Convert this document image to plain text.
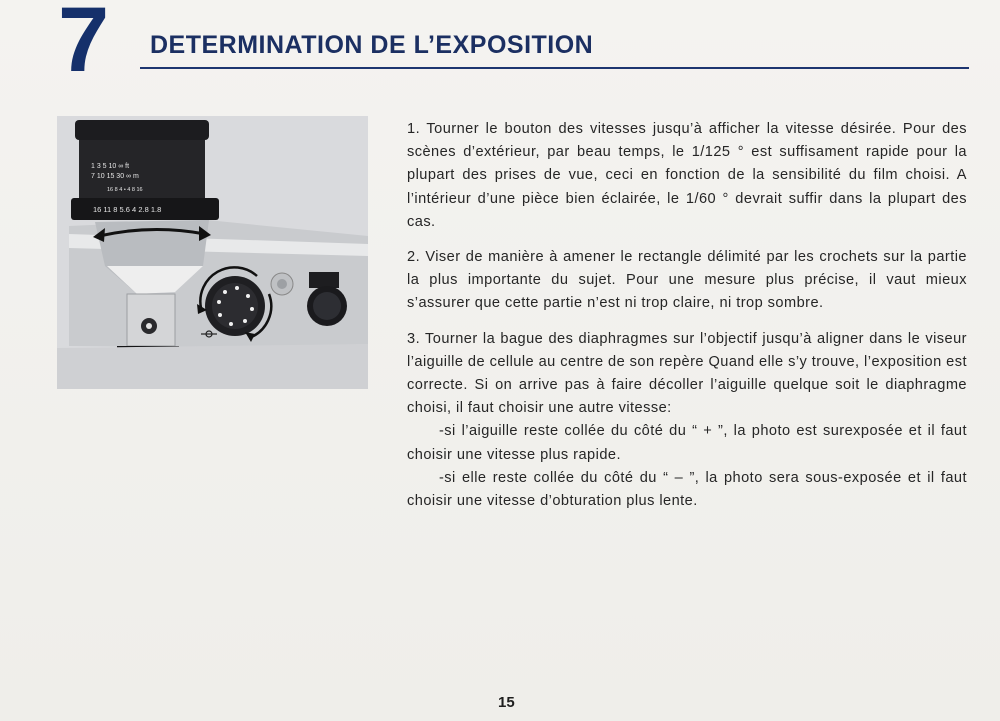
7 DETERMINATION DE L’EXPOSITION
1 3 5 10 ∞ ft
7 10 15 30 ∞ m
16 8 4 • 4 8 16
16 11 8 5.6 4 2.8 1.8

1. Tourner le bouton des vitesses jusqu’à afficher la vitesse désirée. Pour des scènes d’extérieur, par beau temps, le 1/125 ° est suffisament rapide pour la plupart des prises de vue, ceci en fonction de la sensibilité du film choisi. A l’intérieur d’une pièce bien éclairée, le 1/60 ° devrait suffir dans la plupart des cas.

2. Viser de manière à amener le rectangle délimité par les crochets sur la partie la plus importante du sujet. Pour une mesure plus précise, il vaut mieux s’assurer que cette partie n’est ni trop claire, ni trop sombre.

3. Tourner la bague des diaphragmes sur l’objectif jusqu’à aligner dans le viseur l’aiguille de cellule au centre de son repère Quand elle s’y trouve, l’exposition est correcte. Si on arrive pas à faire décoller l’aiguille quelque soit le diaphragme choisi, il faut choisir une autre vitesse:

-si l’aiguille reste collée du côté du “ + ”, la photo est surexposée et il faut choisir une vitesse plus rapide.

-si elle reste collée du côté du “ – ”, la photo sera sous-exposée et il faut choisir une vitesse d’obturation plus lente.

15
